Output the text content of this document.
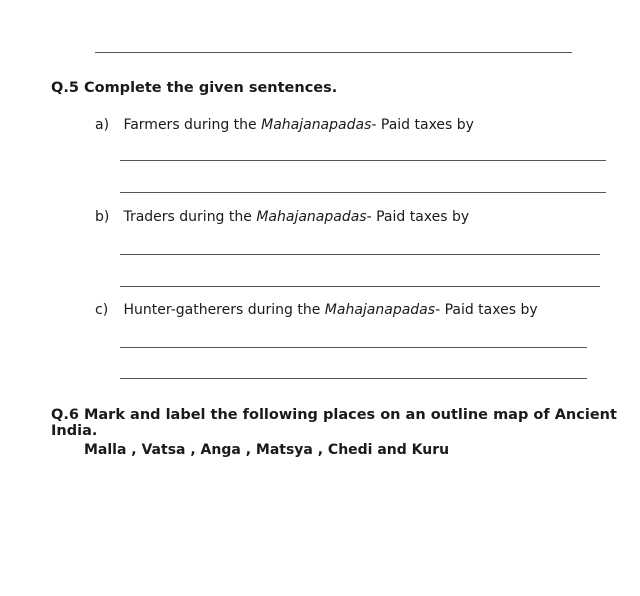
Q.5 Complete the given sentences.
a) Farmers during the Mahajanapadas- Paid taxes by
b) Traders during the Mahajanapadas- Paid taxes by
c) Hunter-gatherers during the Mahajanapadas- Paid taxes by
Q.6 Mark and label the following places on an outline map of Ancient India.
Malla , Vatsa , Anga , Matsya , Chedi and Kuru
